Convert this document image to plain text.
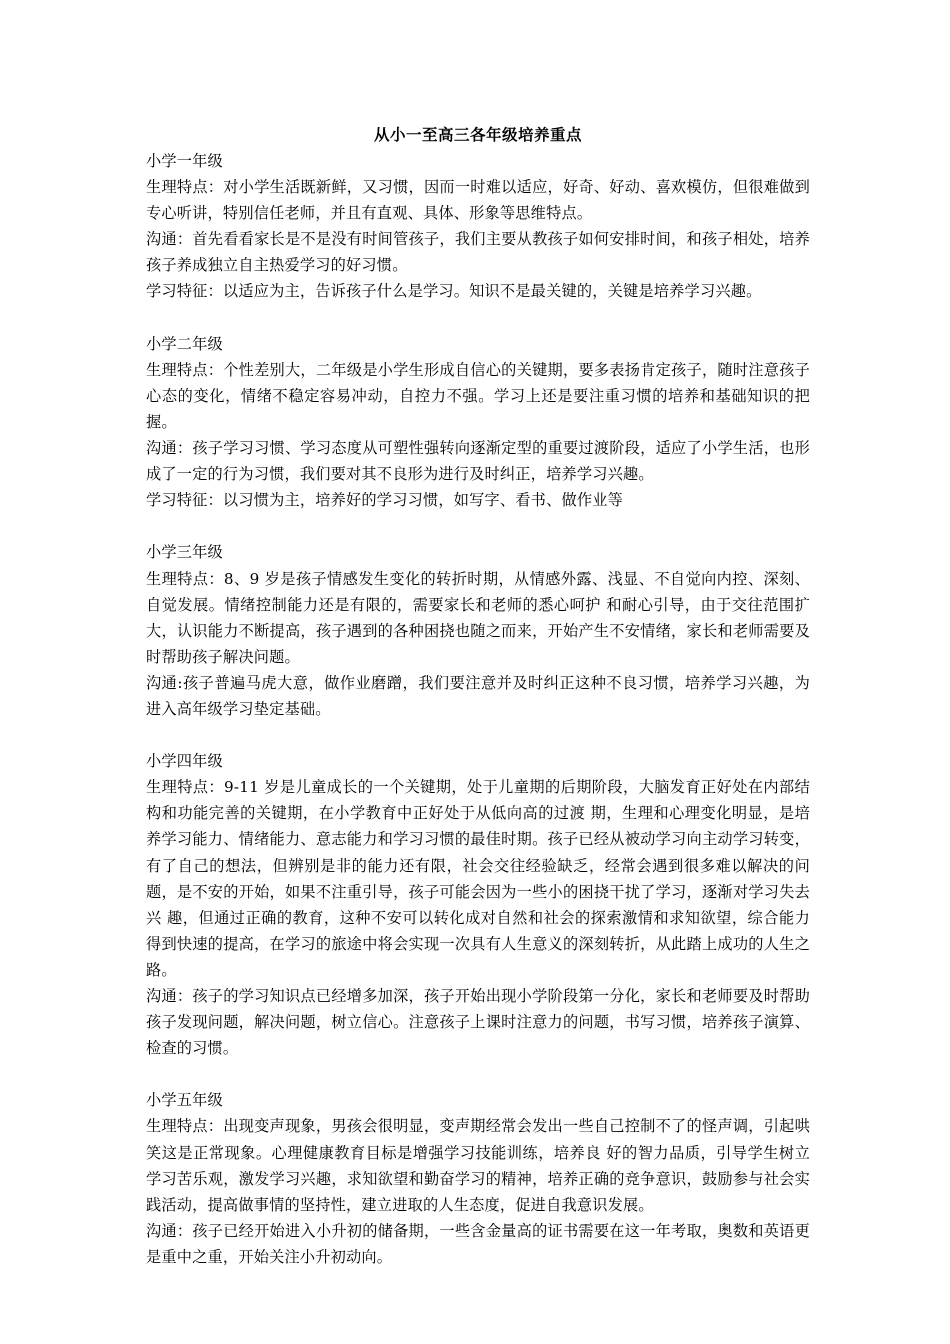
从小一至高三各年级培养重点

小学一年级

生理特点：对小学生活既新鲜，又习惯，因而一时难以适应，好奇、好动、喜欢模仿，但很难做到专心听讲，特别信任老师，并且有直观、具体、形象等思维特点。

沟通：首先看看家长是不是没有时间管孩子，我们主要从教孩子如何安排时间，和孩子相处，培养孩子养成独立自主热爱学习的好习惯。

学习特征：以适应为主，告诉孩子什么是学习。知识不是最关键的，关键是培养学习兴趣。

小学二年级

生理特点：个性差别大，二年级是小学生形成自信心的关键期，要多表扬肯定孩子，随时注意孩子心态的变化，情绪不稳定容易冲动，自控力不强。学习上还是要注重习惯的培养和基础知识的把握。

沟通：孩子学习习惯、学习态度从可塑性强转向逐渐定型的重要过渡阶段，适应了小学生活，也形成了一定的行为习惯，我们要对其不良形为进行及时纠正，培养学习兴趣。

学习特征：以习惯为主，培养好的学习习惯，如写字、看书、做作业等

小学三年级

生理特点：8、9 岁是孩子情感发生变化的转折时期，从情感外露、浅显、不自觉向内控、深刻、自觉发展。情绪控制能力还是有限的，需要家长和老师的悉心呵护 和耐心引导，由于交往范围扩大，认识能力不断提高，孩子遇到的各种困挠也随之而来，开始产生不安情绪，家长和老师需要及时帮助孩子解决问题。

沟通:孩子普遍马虎大意，做作业磨蹭，我们要注意并及时纠正这种不良习惯，培养学习兴趣，为进入高年级学习垫定基础。

小学四年级

生理特点：9-11 岁是儿童成长的一个关键期，处于儿童期的后期阶段，大脑发育正好处在内部结构和功能完善的关键期，在小学教育中正好处于从低向高的过渡 期，生理和心理变化明显，是培养学习能力、情绪能力、意志能力和学习习惯的最佳时期。孩子已经从被动学习向主动学习转变，有了自己的想法，但辨别是非的能力还有限，社会交往经验缺乏，经常会遇到很多难以解决的问题，是不安的开始，如果不注重引导，孩子可能会因为一些小的困挠干扰了学习，逐渐对学习失去兴 趣，但通过正确的教育，这种不安可以转化成对自然和社会的探索激情和求知欲望，综合能力得到快速的提高，在学习的旅途中将会实现一次具有人生意义的深刻转折，从此踏上成功的人生之路。

沟通：孩子的学习知识点已经增多加深，孩子开始出现小学阶段第一分化，家长和老师要及时帮助孩子发现问题，解决问题，树立信心。注意孩子上课时注意力的问题，书写习惯，培养孩子演算、检查的习惯。

小学五年级

生理特点：出现变声现象，男孩会很明显，变声期经常会发出一些自己控制不了的怪声调，引起哄笑这是正常现象。心理健康教育目标是增强学习技能训练，培养良 好的智力品质，引导学生树立学习苦乐观，激发学习兴趣，求知欲望和勤奋学习的精神，培养正确的竞争意识，鼓励参与社会实践活动，提高做事情的坚持性，建立进取的人生态度，促进自我意识发展。

沟通：孩子已经开始进入小升初的储备期，一些含金量高的证书需要在这一年考取，奥数和英语更是重中之重，开始关注小升初动向。
